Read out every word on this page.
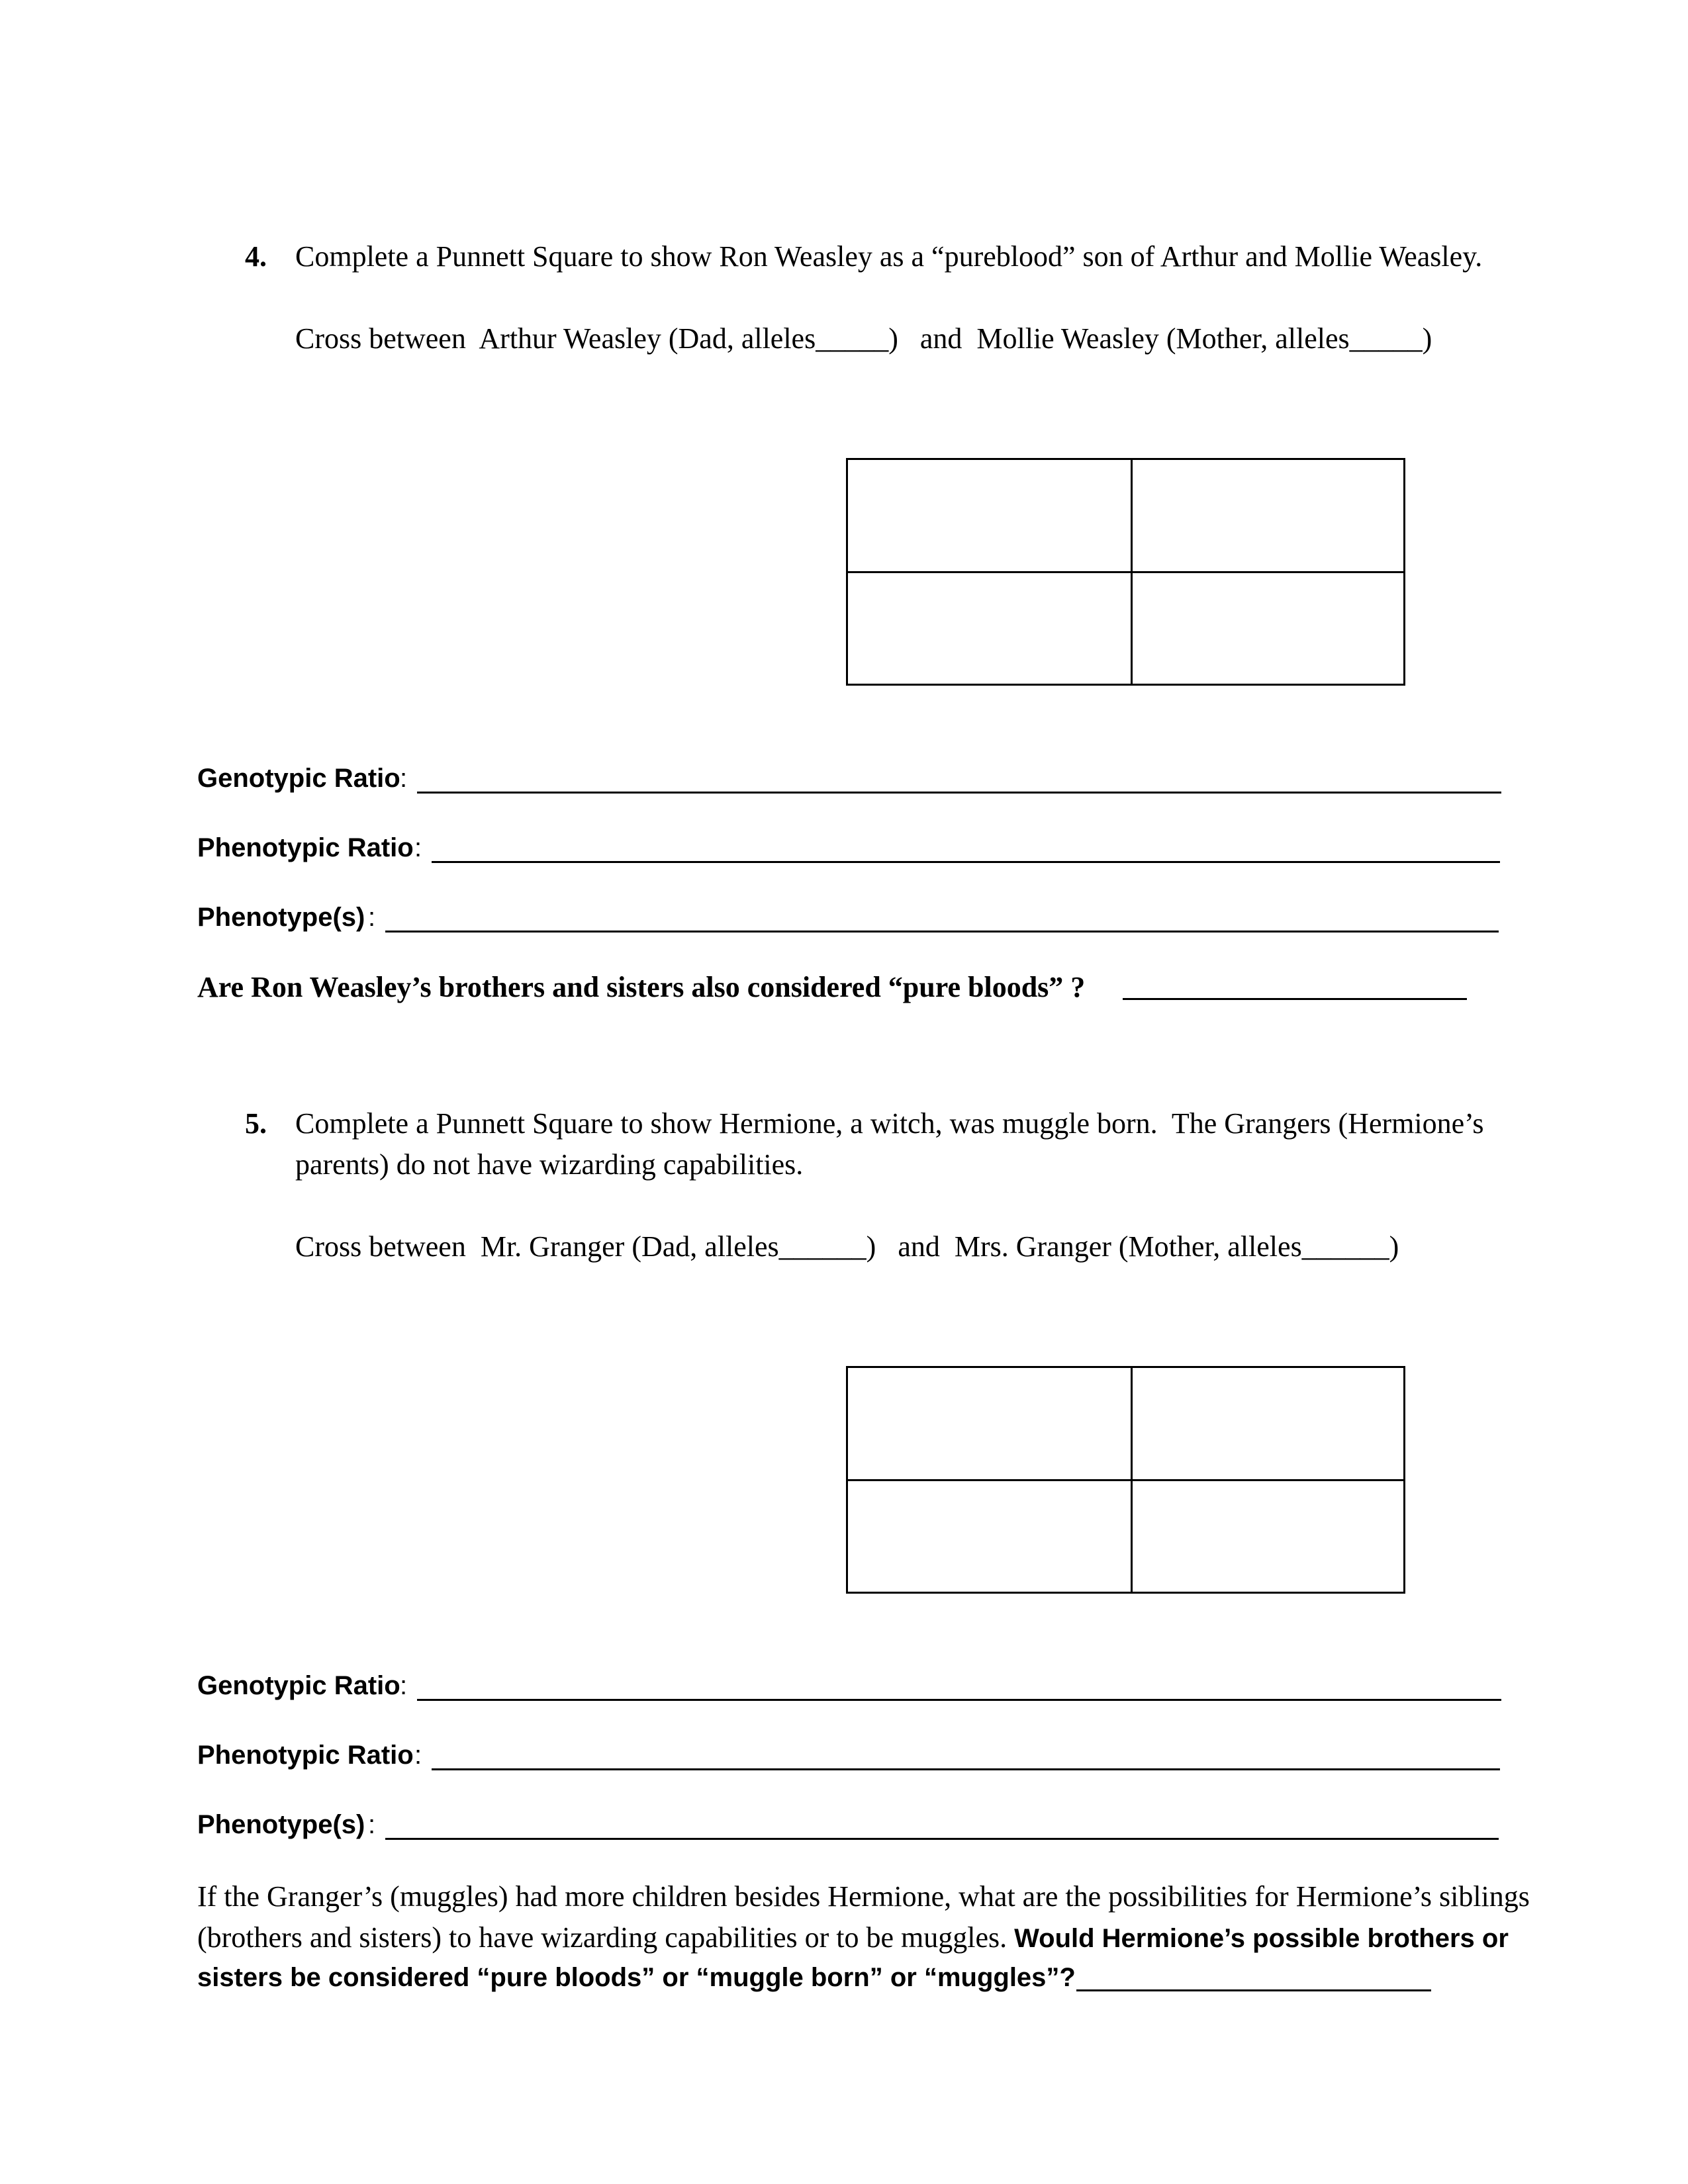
4. Complete a Punnett Square to show Ron Weasley as a “pureblood” son of Arthur and Mollie Weasley.
Cross between  Arthur Weasley (Dad, alleles_____)   and  Mollie Weasley (Mother, alleles_____)
Genotypic Ratio :
Phenotypic Ratio :
Phenotype(s) :
Are Ron Weasley’s brothers and sisters also considered “pure bloods” ?
5. Complete a Punnett Square to show Hermione, a witch, was muggle born.  The Grangers (Hermione’s
parents) do not have wizarding capabilities.
Cross between  Mr. Granger (Dad, alleles______)   and  Mrs. Granger (Mother, alleles______)
Genotypic Ratio :
Phenotypic Ratio :
Phenotype(s) :
If the Granger’s (muggles) had more children besides Hermione, what are the possibilities for Hermione’s siblings
(brothers and sisters) to have wizarding capabilities or to be muggles. Would Hermione’s possible brothers or
sisters be considered “pure bloods” or “muggle born” or “muggles”?
